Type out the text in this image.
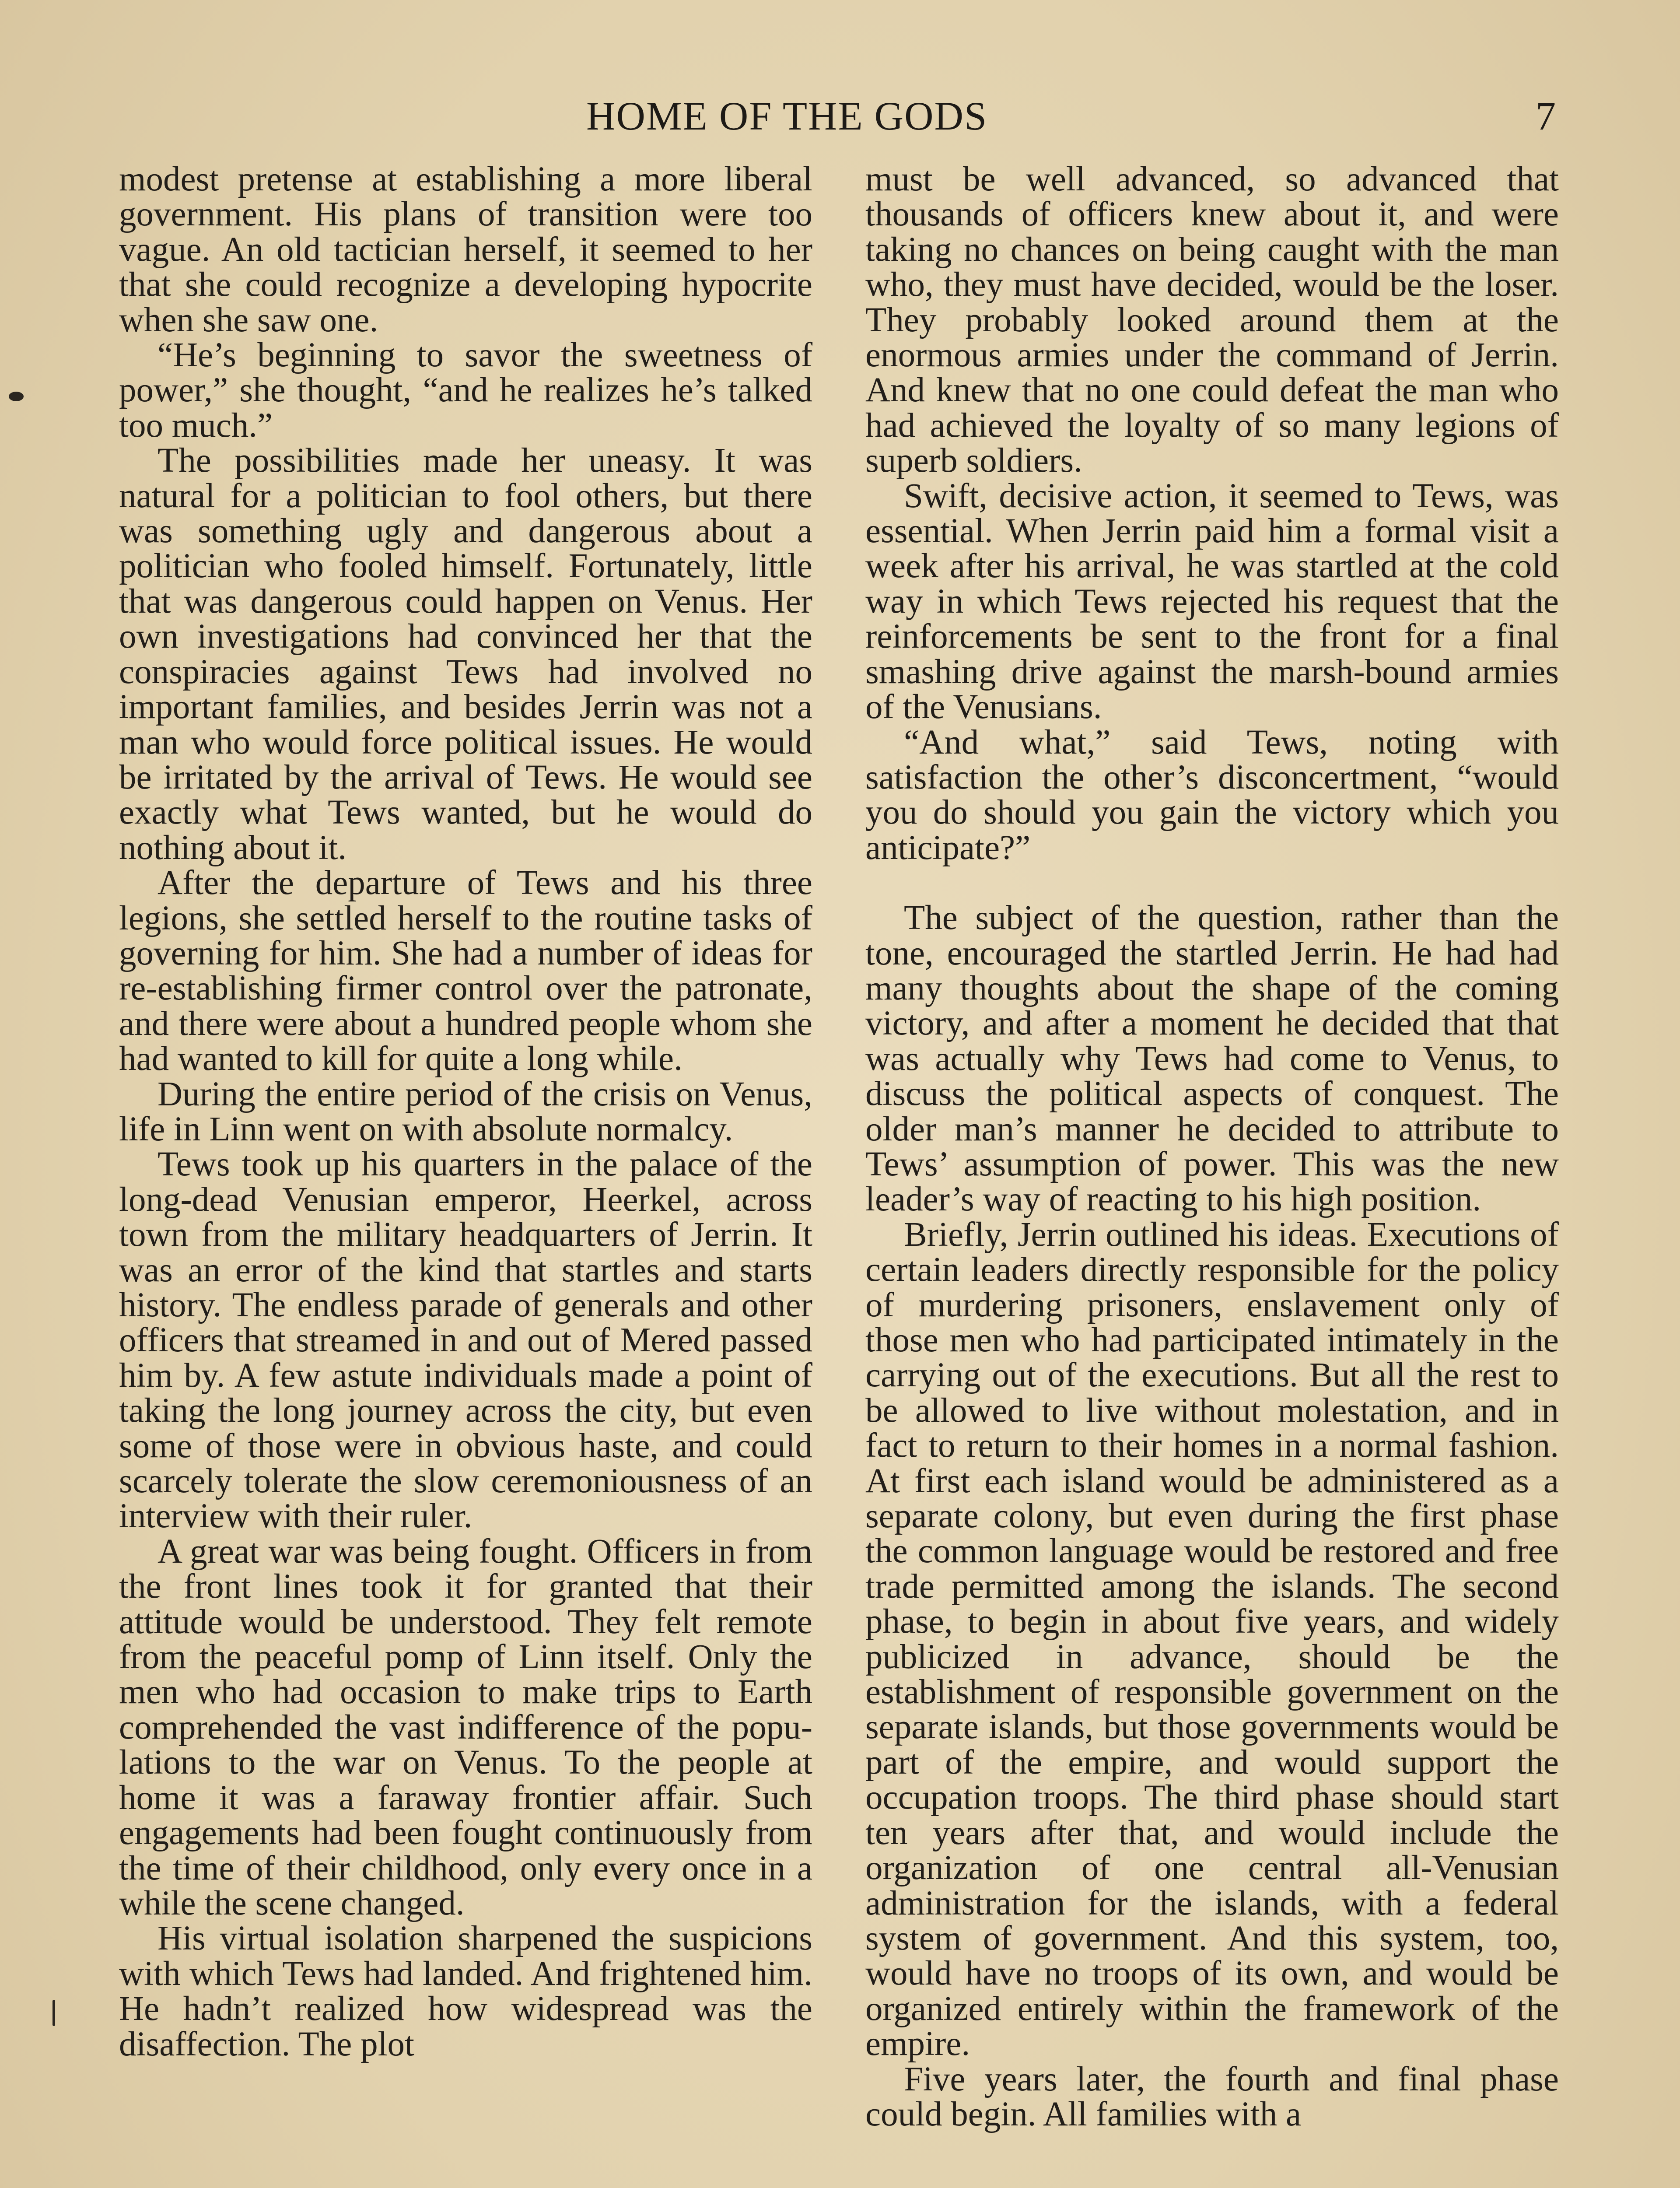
HOME OF THE GODS	7

modest pretense at establishing a more liberal government. His plans of transition were too vague. An old tactician herself, it seemed to her that she could recognize a developing hypocrite when she saw one.

“He’s beginning to savor the sweetness of power,” she thought, “and he realizes he’s talked too much.”

The possibilities made her uneasy. It was natural for a politician to fool others, but there was something ugly and dangerous about a politician who fooled himself. Fortunately, little that was dangerous could happen on Venus. Her own investigations had convinced her that the conspiracies against Tews had involved no important families, and besides Jerrin was not a man who would force political issues. He would be irritated by the arrival of Tews. He would see exactly what Tews wanted, but he would do nothing about it.

After the departure of Tews and his three legions, she settled herself to the routine tasks of governing for him. She had a number of ideas for re-establishing firmer control over the patronate, and there were about a hundred people whom she had wanted to kill for quite a long while.

During the entire period of the crisis on Venus, life in Linn went on with absolute normalcy.

Tews took up his quarters in the palace of the long-dead Venusian emperor, Heerkel, across town from the military headquarters of Jerrin. It was an error of the kind that startles and starts history. The endless parade of generals and other officers that streamed in and out of Mered passed him by. A few astute individuals made a point of taking the long journey across the city, but even some of those were in obvious haste, and could scarcely tolerate the slow ceremoniousness of an interview with their ruler.

A great war was being fought. Officers in from the front lines took it for granted that their attitude would be understood. They felt remote from the peaceful pomp of Linn itself. Only the men who had occasion to make trips to Earth comprehended the vast indifference of the populations to the war on Venus. To the people at home it was a faraway frontier affair. Such engagements had been fought continuously from the time of their childhood, only every once in a while the scene changed.

His virtual isolation sharpened the suspicions with which Tews had landed. And frightened him. He hadn’t realized how widespread was the disaffection. The plot

must be well advanced, so advanced that thousands of officers knew about it, and were taking no chances on being caught with the man who, they must have decided, would be the loser. They probably looked around them at the enormous armies under the command of Jerrin. And knew that no one could defeat the man who had achieved the loyalty of so many legions of superb soldiers.

Swift, decisive action, it seemed to Tews, was essential. When Jerrin paid him a formal visit a week after his arrival, he was startled at the cold way in which Tews rejected his request that the reinforcements be sent to the front for a final smashing drive against the marsh-bound armies of the Venusians.

“And what,” said Tews, noting with satisfaction the other’s disconcertment, “would you do should you gain the victory which you anticipate?”

The subject of the question, rather than the tone, encouraged the startled Jerrin. He had had many thoughts about the shape of the coming victory, and after a moment he decided that that was actually why Tews had come to Venus, to discuss the political aspects of conquest. The older man’s manner he decided to attribute to Tews’ assumption of power. This was the new leader’s way of reacting to his high position.

Briefly, Jerrin outlined his ideas. Executions of certain leaders directly responsible for the policy of murdering prisoners, enslavement only of those men who had participated intimately in the carrying out of the executions. But all the rest to be allowed to live without molestation, and in fact to return to their homes in a normal fashion. At first each island would be administered as a separate colony, but even during the first phase the common language would be restored and free trade permitted among the islands. The second phase, to begin in about five years, and widely publicized in advance, should be the establishment of responsible government on the separate islands, but those governments would be part of the empire, and would support the occupation troops. The third phase should start ten years after that, and would include the organization of one central all-Venusian administration for the islands, with a federal system of government. And this system, too, would have no troops of its own, and would be organized entirely within the framework of the empire.

Five years later, the fourth and final phase could begin. All families with a
